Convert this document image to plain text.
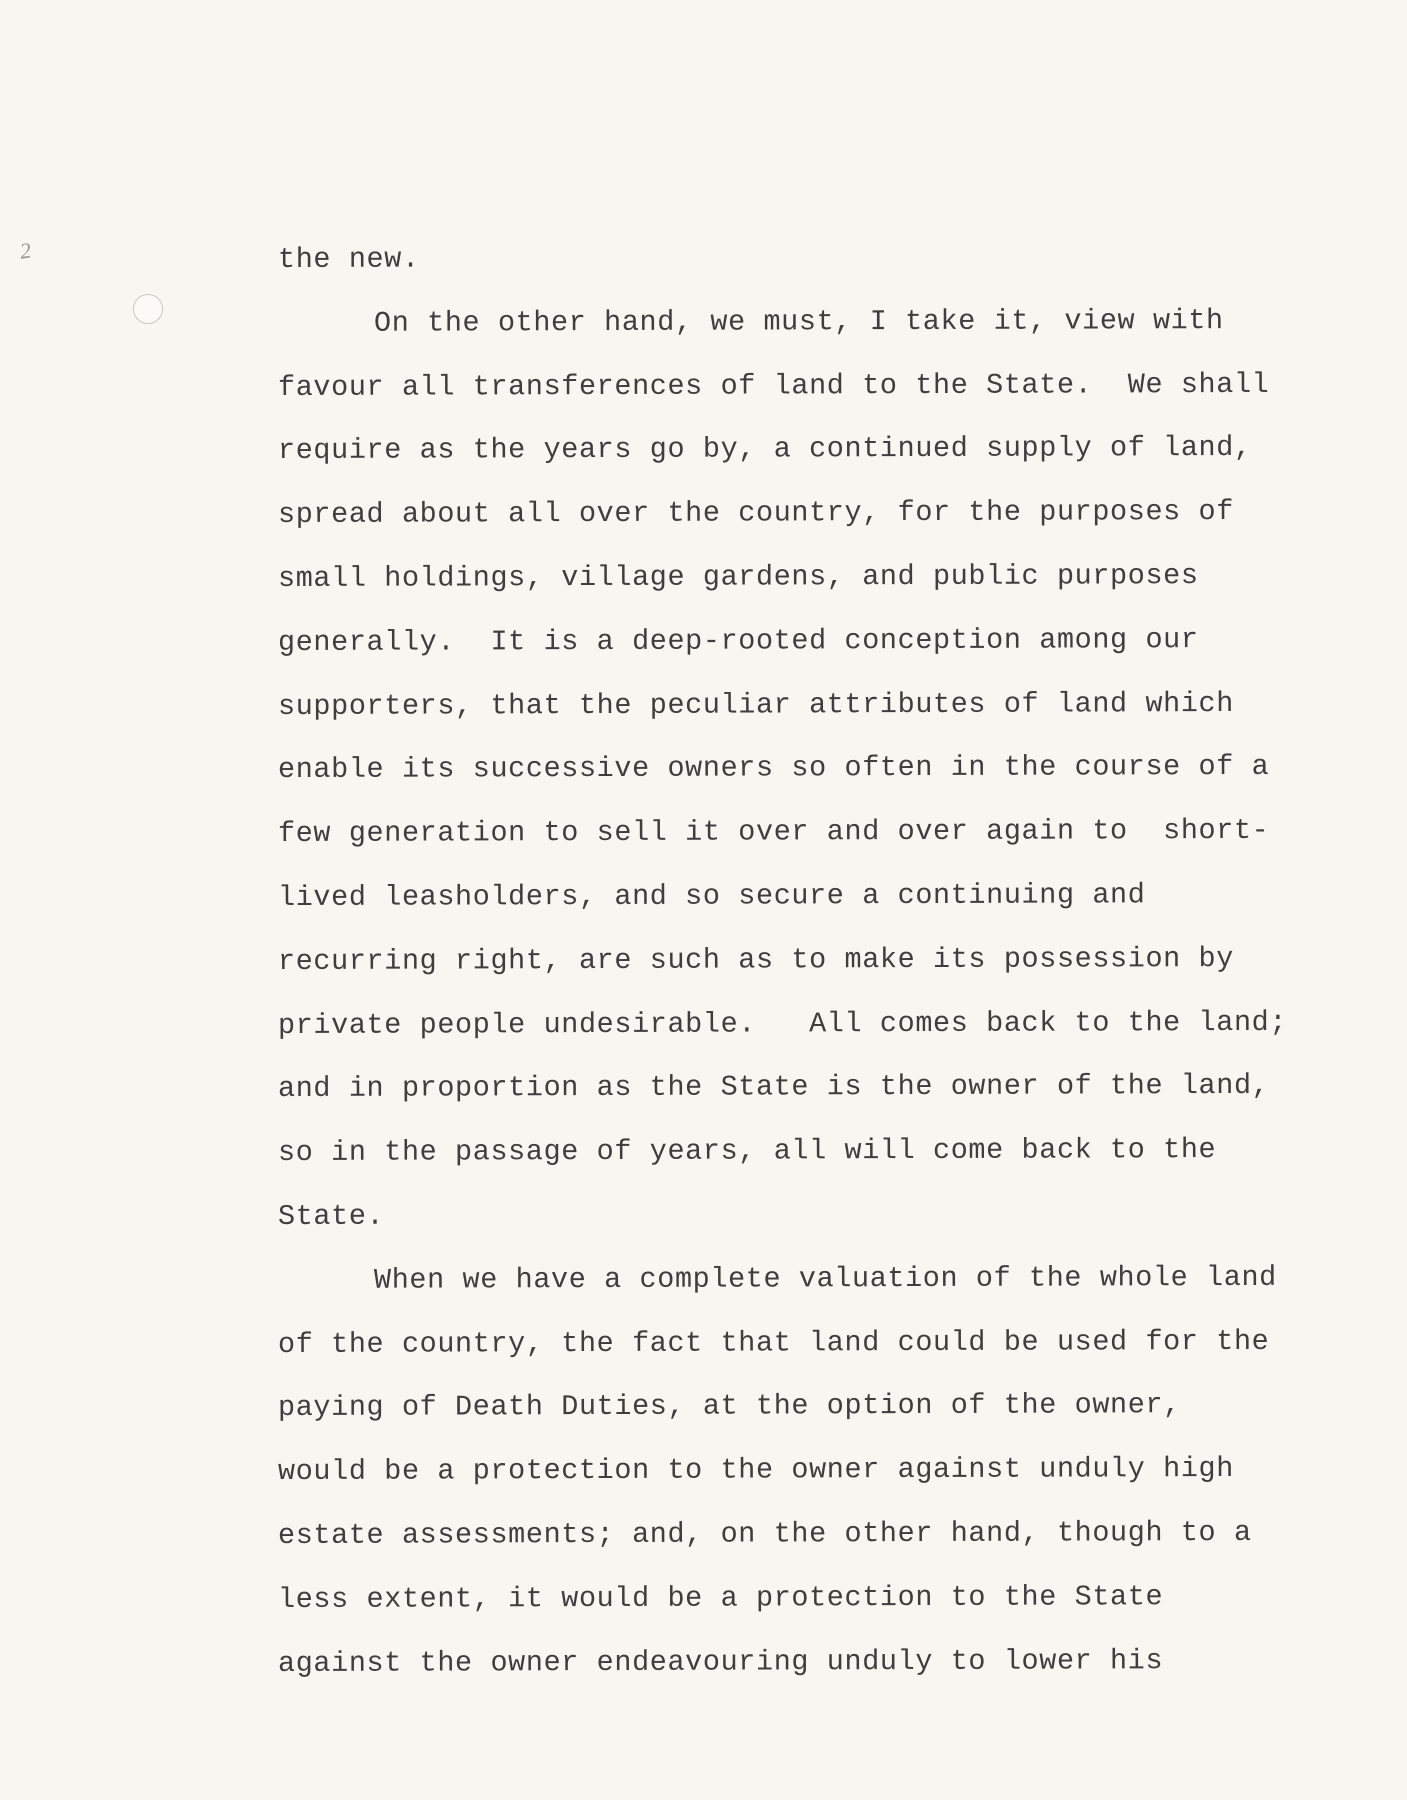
2	the new.
On the other hand, we must, I take it, view with
favour all transferences of land to the State.  We shall
require as the years go by, a continued supply of land,
spread about all over the country, for the purposes of
small holdings, village gardens, and public purposes
generally.  It is a deep-rooted conception among our
supporters, that the peculiar attributes of land which
enable its successive owners so often in the course of a
few generation to sell it over and over again to  short-
lived leasholders, and so secure a continuing and
recurring right, are such as to make its possession by
private people undesirable.   All comes back to the land;
and in proportion as the State is the owner of the land,
so in the passage of years, all will come back to the
State.
When we have a complete valuation of the whole land
of the country, the fact that land could be used for the
paying of Death Duties, at the option of the owner,
would be a protection to the owner against unduly high
estate assessments; and, on the other hand, though to a
less extent, it would be a protection to the State
against the owner endeavouring unduly to lower his
